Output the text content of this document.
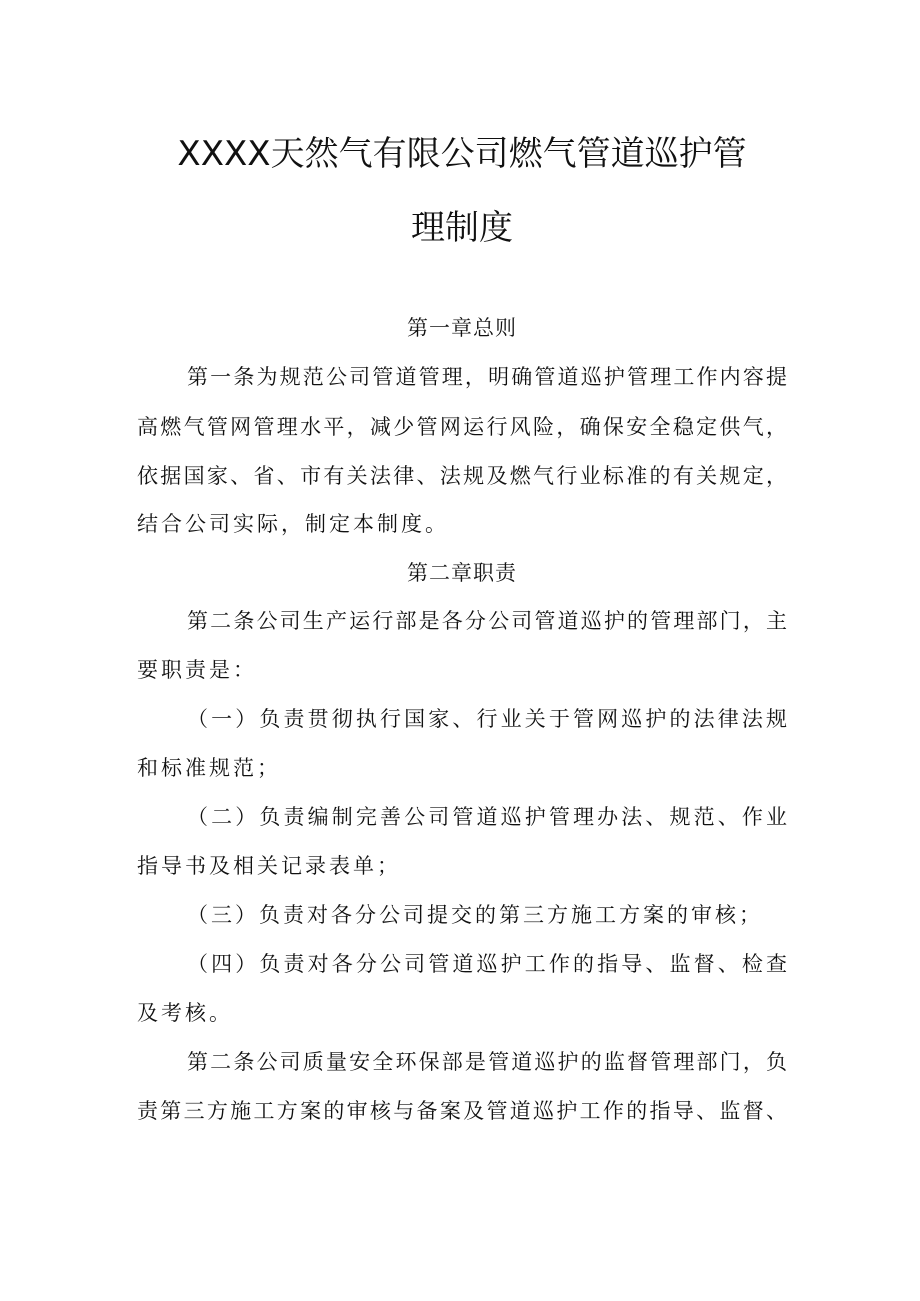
XXXX天然气有限公司燃气管道巡护管
理制度

第一章总则

第一条为规范公司管道管理，明确管道巡护管理工作内容提

高燃气管网管理水平，减少管网运行风险，确保安全稳定供气，

依据国家、省、市有关法律、法规及燃气行业标准的有关规定，

结合公司实际，制定本制度。

第二章职责

第二条公司生产运行部是各分公司管道巡护的管理部门，主

要职责是：

（一）负责贯彻执行国家、行业关于管网巡护的法律法规

和标准规范；

（二）负责编制完善公司管道巡护管理办法、规范、作业

指导书及相关记录表单；

（三）负责对各分公司提交的第三方施工方案的审核；

（四）负责对各分公司管道巡护工作的指导、监督、检查

及考核。

第二条公司质量安全环保部是管道巡护的监督管理部门，负

责第三方施工方案的审核与备案及管道巡护工作的指导、监督、
